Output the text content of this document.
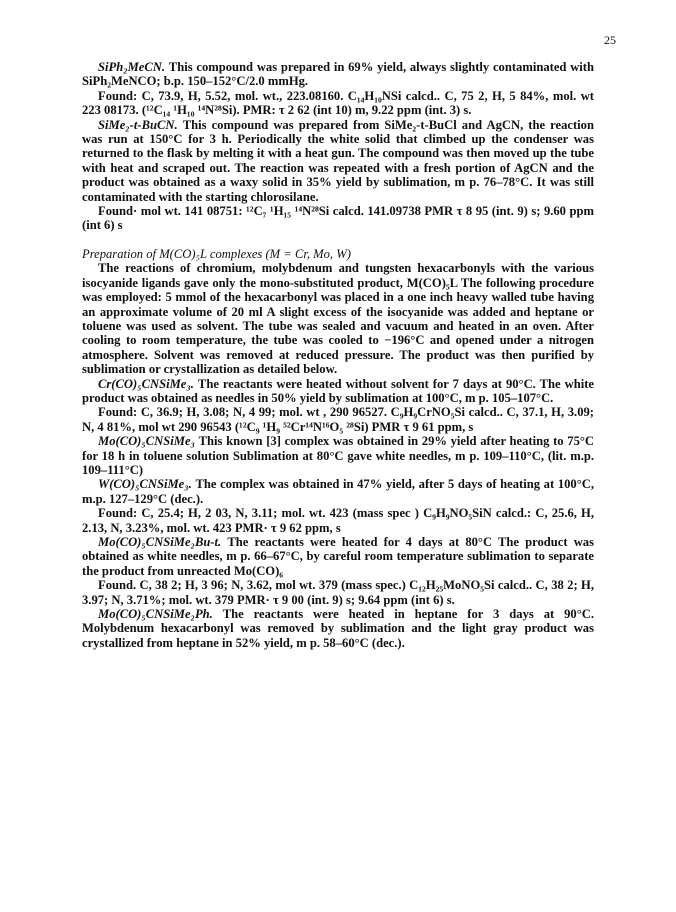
25

SiPh₂MeCN. This compound was prepared in 69% yield, always slightly contaminated with SiPh₂MeNCO; b.p. 150–152°C/2.0 mmHg.

Found: C, 73.9, H, 5.52, mol. wt., 223.08160. C₁₄H₁₀NSi calcd.. C, 75 2, H, 5 84%, mol. wt 223 08173. (¹²C₁₄ ¹H₁₀ ¹⁴N²⁸Si). PMR: τ 2 62 (int 10) m, 9.22 ppm (int. 3) s.

SiMe₂-t-BuCN. This compound was prepared from SiMe₂-t-BuCl and AgCN, the reaction was run at 150°C for 3 h. Periodically the white solid that climbed up the condenser was returned to the flask by melting it with a heat gun. The compound was then moved up the tube with heat and scraped out. The reaction was repeated with a fresh portion of AgCN and the product was obtained as a waxy solid in 35% yield by sublimation, m p. 76–78°C. It was still contaminated with the starting chlorosilane.

Found· mol wt. 141 08751: ¹²C₇ ¹H₁₅ ¹⁴N²⁸Si calcd. 141.09738 PMR τ 8 95 (int. 9) s; 9.60 ppm (int 6) s

Preparation of M(CO)₅L complexes (M = Cr, Mo, W)

The reactions of chromium, molybdenum and tungsten hexacarbonyls with the various isocyanide ligands gave only the mono-substituted product, M(CO)₅L The following procedure was employed: 5 mmol of the hexacarbonyl was placed in a one inch heavy walled tube having an approximate volume of 20 ml A slight excess of the isocyanide was added and heptane or toluene was used as solvent. The tube was sealed and vacuum and heated in an oven. After cooling to room temperature, the tube was cooled to −196°C and opened under a nitrogen atmosphere. Solvent was removed at reduced pressure. The product was then purified by sublimation or crystallization as detailed below.

Cr(CO)₅CNSiMe₃. The reactants were heated without solvent for 7 days at 90°C. The white product was obtained as needles in 50% yield by sublimation at 100°C, m p. 105–107°C.

Found: C, 36.9; H, 3.08; N, 4 99; mol. wt , 290 96527. C₉H₉CrNO₅Si calcd.. C, 37.1, H, 3.09; N, 4 81%, mol wt 290 96543 (¹²C₉ ¹H₉ ⁵²Cr¹⁴N¹⁶O₅ ²⁸Si) PMR τ 9 61 ppm, s

Mo(CO)₅CNSiMe₃ This known [3] complex was obtained in 29% yield after heating to 75°C for 18 h in toluene solution Sublimation at 80°C gave white needles, m p. 109–110°C, (lit. m.p. 109–111°C)

W(CO)₅CNSiMe₃. The complex was obtained in 47% yield, after 5 days of heating at 100°C, m.p. 127–129°C (dec.).

Found: C, 25.4; H, 2 03, N, 3.11; mol. wt. 423 (mass spec ) C₉H₉NO₅SiN calcd.: C, 25.6, H, 2.13, N, 3.23%, mol. wt. 423 PMR· τ 9 62 ppm, s

Mo(CO)₅CNSiMe₂Bu-t. The reactants were heated for 4 days at 80°C The product was obtained as white needles, m p. 66–67°C, by careful room temperature sublimation to separate the product from unreacted Mo(CO)₆

Found. C, 38 2; H, 3 96; N, 3.62, mol wt. 379 (mass spec.) C₁₂H₂₅MoNO₅Si calcd.. C, 38 2; H, 3.97; N, 3.71%; mol. wt. 379 PMR· τ 9 00 (int. 9) s; 9.64 ppm (int 6) s.

Mo(CO)₅CNSiMe₂Ph. The reactants were heated in heptane for 3 days at 90°C. Molybdenum hexacarbonyl was removed by sublimation and the light gray product was crystallized from heptane in 52% yield, m p. 58–60°C (dec.).
